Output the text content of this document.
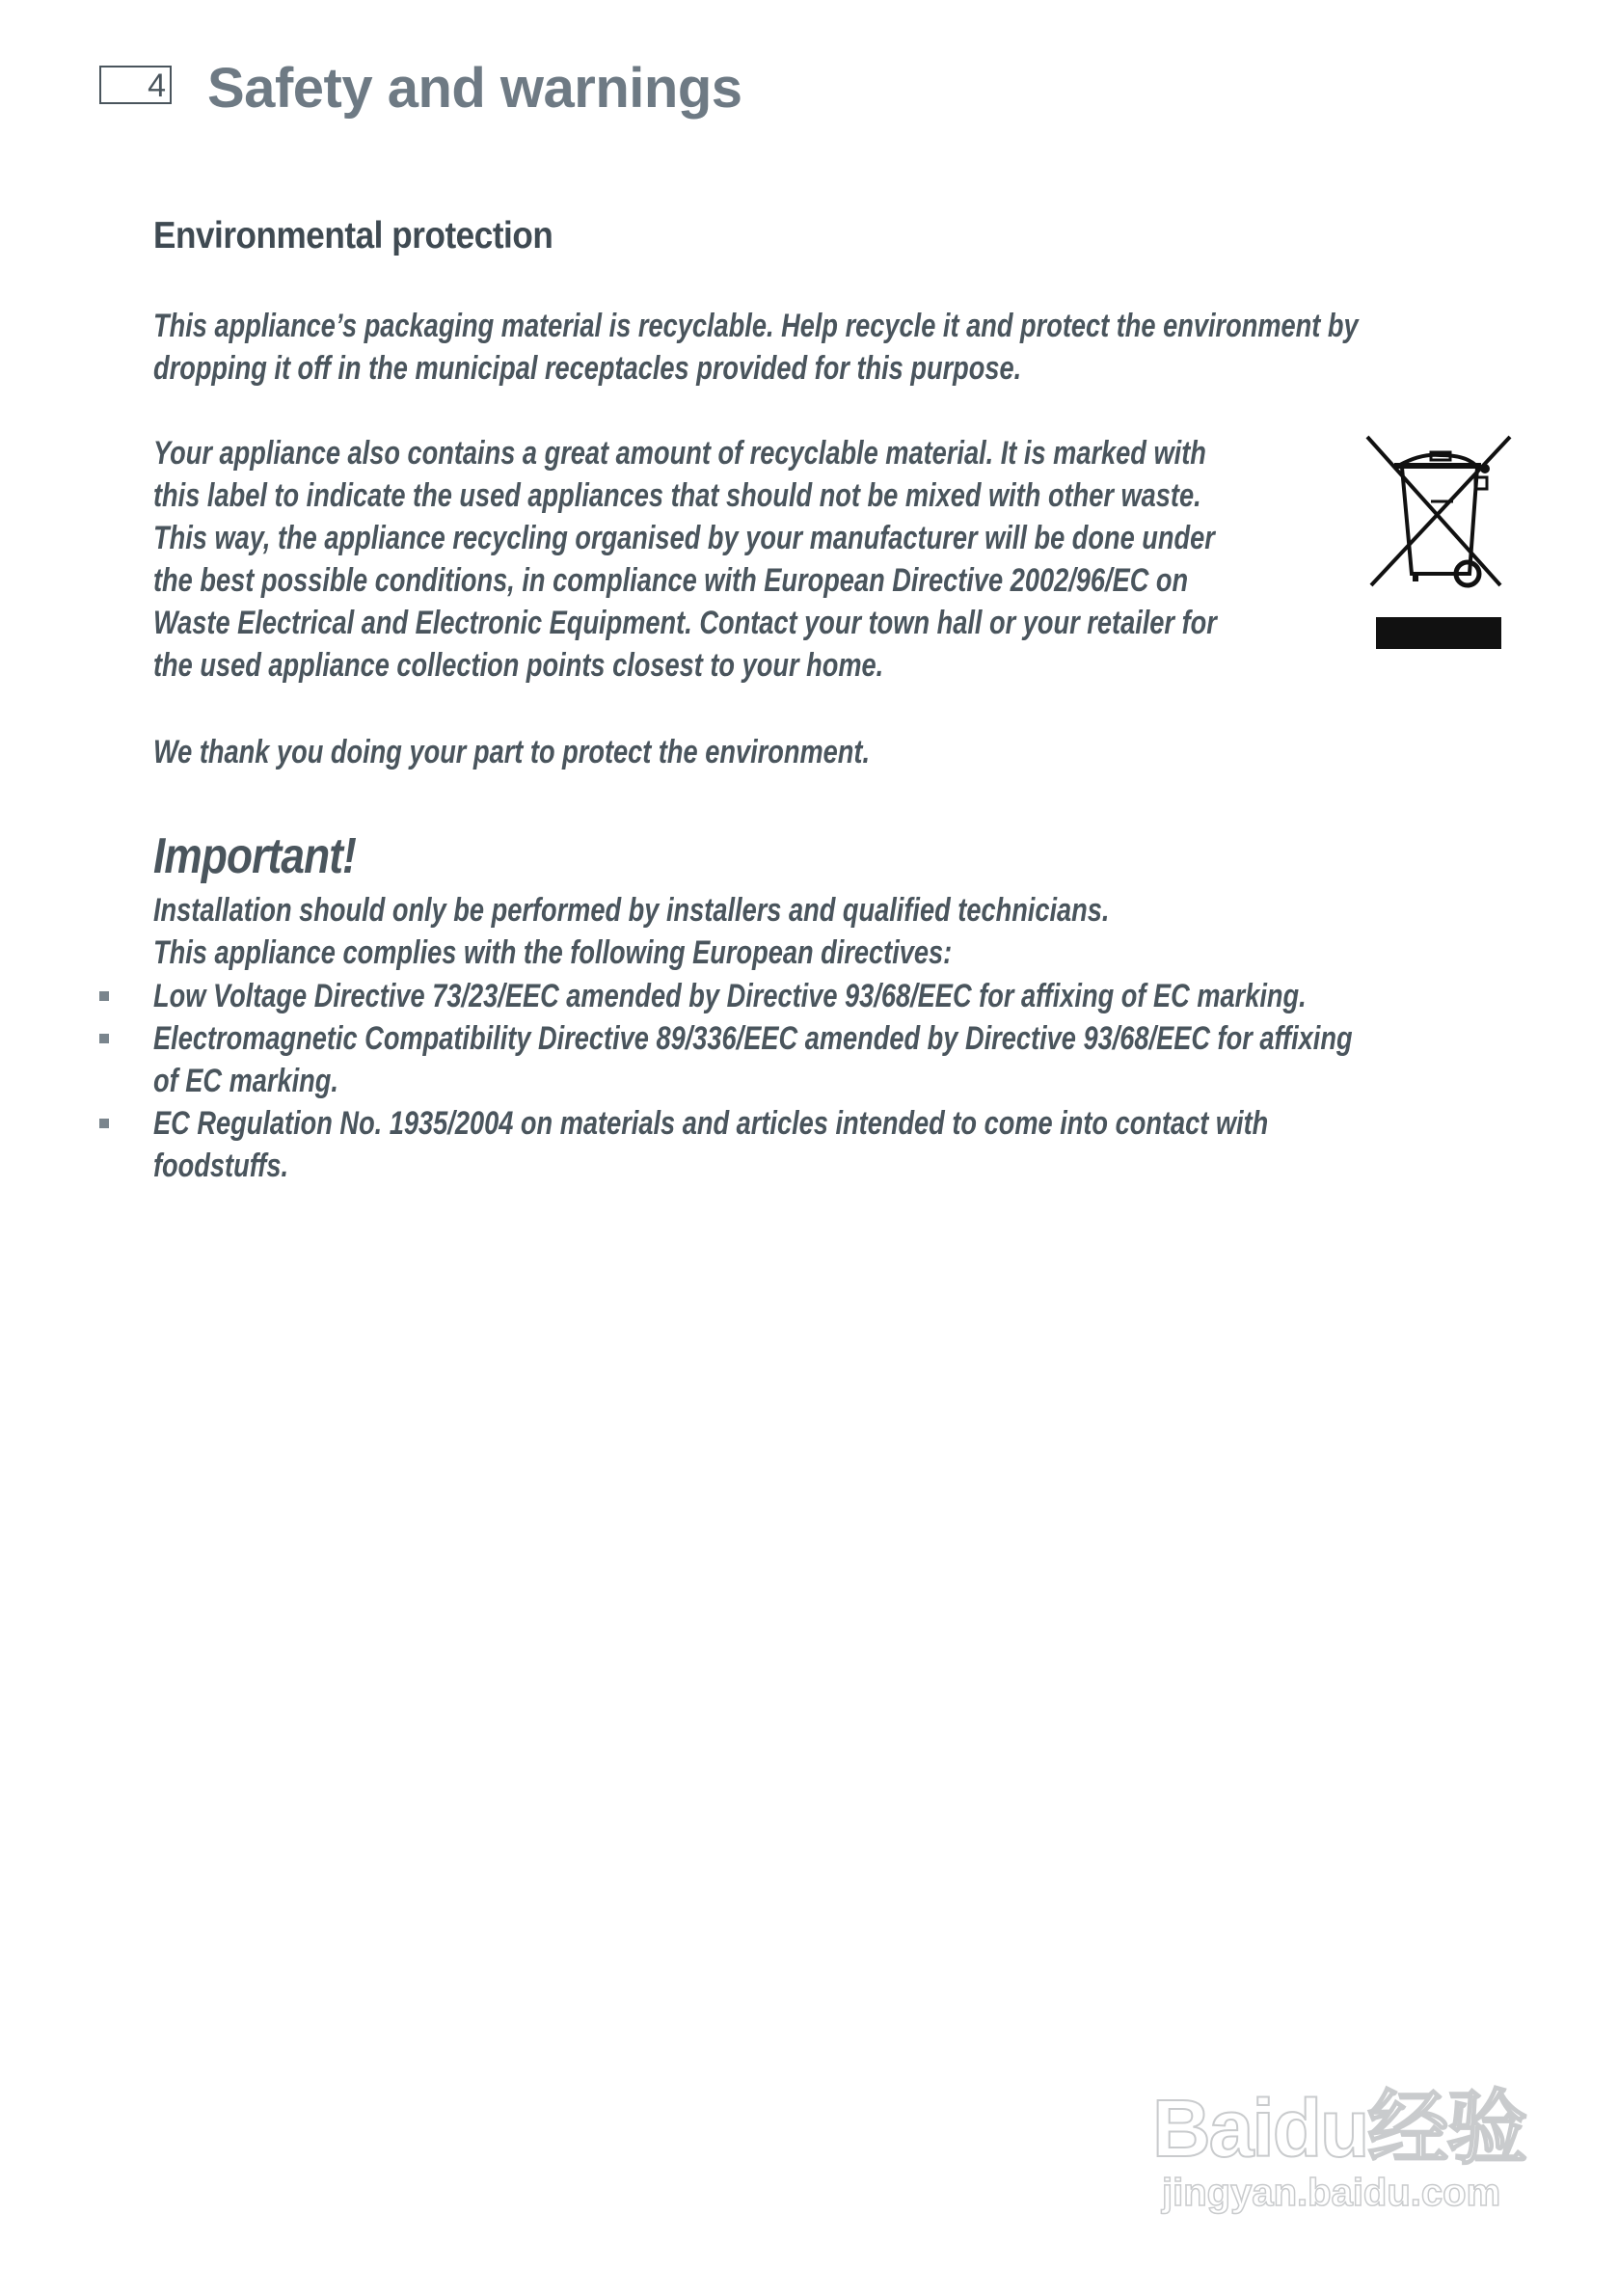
4 Safety and warnings
Environmental protection
This appliance’s packaging material is recyclable. Help recycle it and protect the environment by
dropping it off in the municipal receptacles provided for this purpose.
Your appliance also contains a great amount of recyclable material. It is marked with
this label to indicate the used appliances that should not be mixed with other waste.
This way, the appliance recycling organised by your manufacturer will be done under
the best possible conditions, in compliance with European Directive 2002/96/EC on
Waste Electrical and Electronic Equipment. Contact your town hall or your retailer for
the used appliance collection points closest to your home.
We thank you doing your part to protect the environment.
Important!
Installation should only be performed by installers and qualified technicians.
This appliance complies with the following European directives:
Low Voltage Directive 73/23/EEC amended by Directive 93/68/EEC for affixing of EC marking.
Electromagnetic Compatibility Directive 89/336/EEC amended by Directive 93/68/EEC for affixing
of EC marking.
EC Regulation No. 1935/2004 on materials and articles intended to come into contact with
foodstuffs.
Baidu经验
jingyan.baidu.com
